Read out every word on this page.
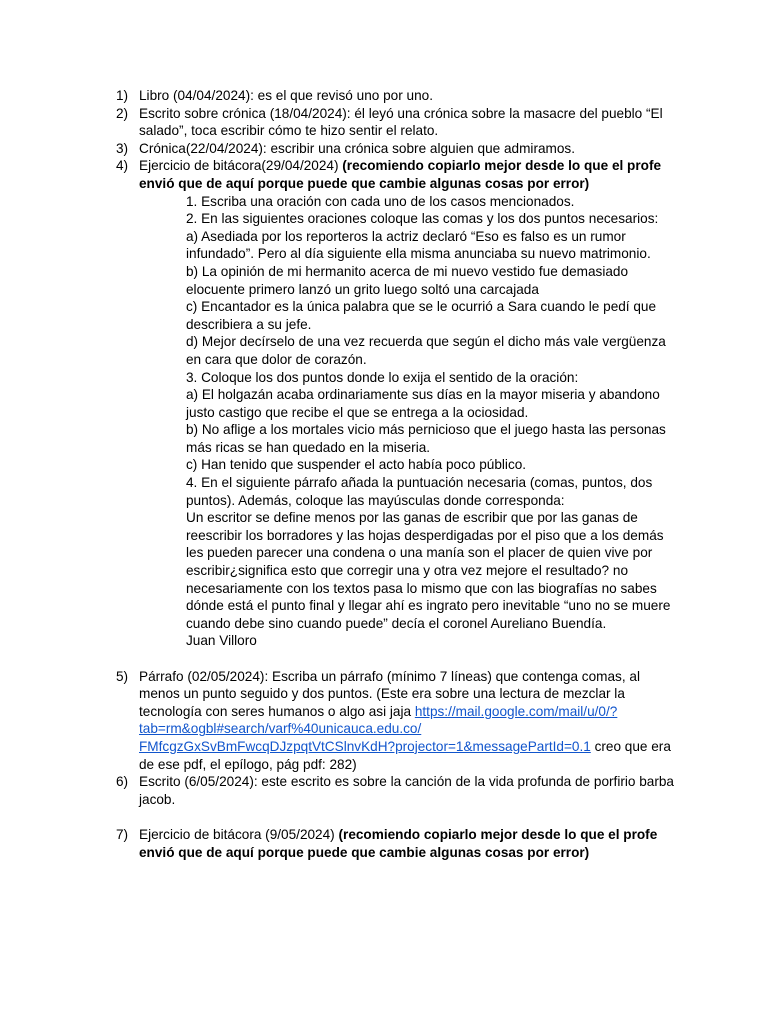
1) Libro (04/04/2024): es el que revisó uno por uno.
2) Escrito sobre crónica (18/04/2024): él leyó una crónica sobre la masacre del pueblo “El salado”, toca escribir cómo te hizo sentir el relato.
3) Crónica(22/04/2024): escribir una crónica sobre alguien que admiramos.
4) Ejercicio de bitácora(29/04/2024) (recomiendo copiarlo mejor desde lo que el profe envió que de aquí porque puede que cambie algunas cosas por error)
1. Escriba una oración con cada uno de los casos mencionados.
2. En las siguientes oraciones coloque las comas y los dos puntos necesarios:
a) Asediada por los reporteros la actriz declaró “Eso es falso es un rumor infundado”. Pero al día siguiente ella misma anunciaba su nuevo matrimonio.
b) La opinión de mi hermanito acerca de mi nuevo vestido fue demasiado elocuente primero lanzó un grito luego soltó una carcajada
c) Encantador es la única palabra que se le ocurrió a Sara cuando le pedí que describiera a su jefe.
d) Mejor decírselo de una vez recuerda que según el dicho más vale vergüenza en cara que dolor de corazón.
3. Coloque los dos puntos donde lo exija el sentido de la oración:
a) El holgazán acaba ordinariamente sus días en la mayor miseria y abandono justo castigo que recibe el que se entrega a la ociosidad.
b) No aflige a los mortales vicio más pernicioso que el juego hasta las personas más ricas se han quedado en la miseria.
c) Han tenido que suspender el acto había poco público.
4. En el siguiente párrafo añada la puntuación necesaria (comas, puntos, dos puntos). Además, coloque las mayúsculas donde corresponda:
Un escritor se define menos por las ganas de escribir que por las ganas de reescribir los borradores y las hojas desperdigadas por el piso que a los demás les pueden parecer una condena o una manía son el placer de quien vive por escribir¿significa esto que corregir una y otra vez mejore el resultado? no necesariamente con los textos pasa lo mismo que con las biografías no sabes dónde está el punto final y llegar ahí es ingrato pero inevitable “uno no se muere cuando debe sino cuando puede” decía el coronel Aureliano Buendía.
Juan Villoro
5) Párrafo (02/05/2024): Escriba un párrafo (mínimo 7 líneas) que contenga comas, al menos un punto seguido y dos puntos. (Este era sobre una lectura de mezclar la tecnología con seres humanos o algo asi jaja https://mail.google.com/mail/u/0/?
tab=rm&ogbl#search/varf%40unicauca.edu.co/
FMfcgzGxSvBmFwcqDJzpqtVtCSlnvKdH?projector=1&messagePartId=0.1 creo que era de ese pdf, el epílogo, pág pdf: 282)
6) Escrito (6/05/2024): este escrito es sobre la canción de la vida profunda de porfirio barba jacob.
7) Ejercicio de bitácora (9/05/2024) (recomiendo copiarlo mejor desde lo que el profe envió que de aquí porque puede que cambie algunas cosas por error)
